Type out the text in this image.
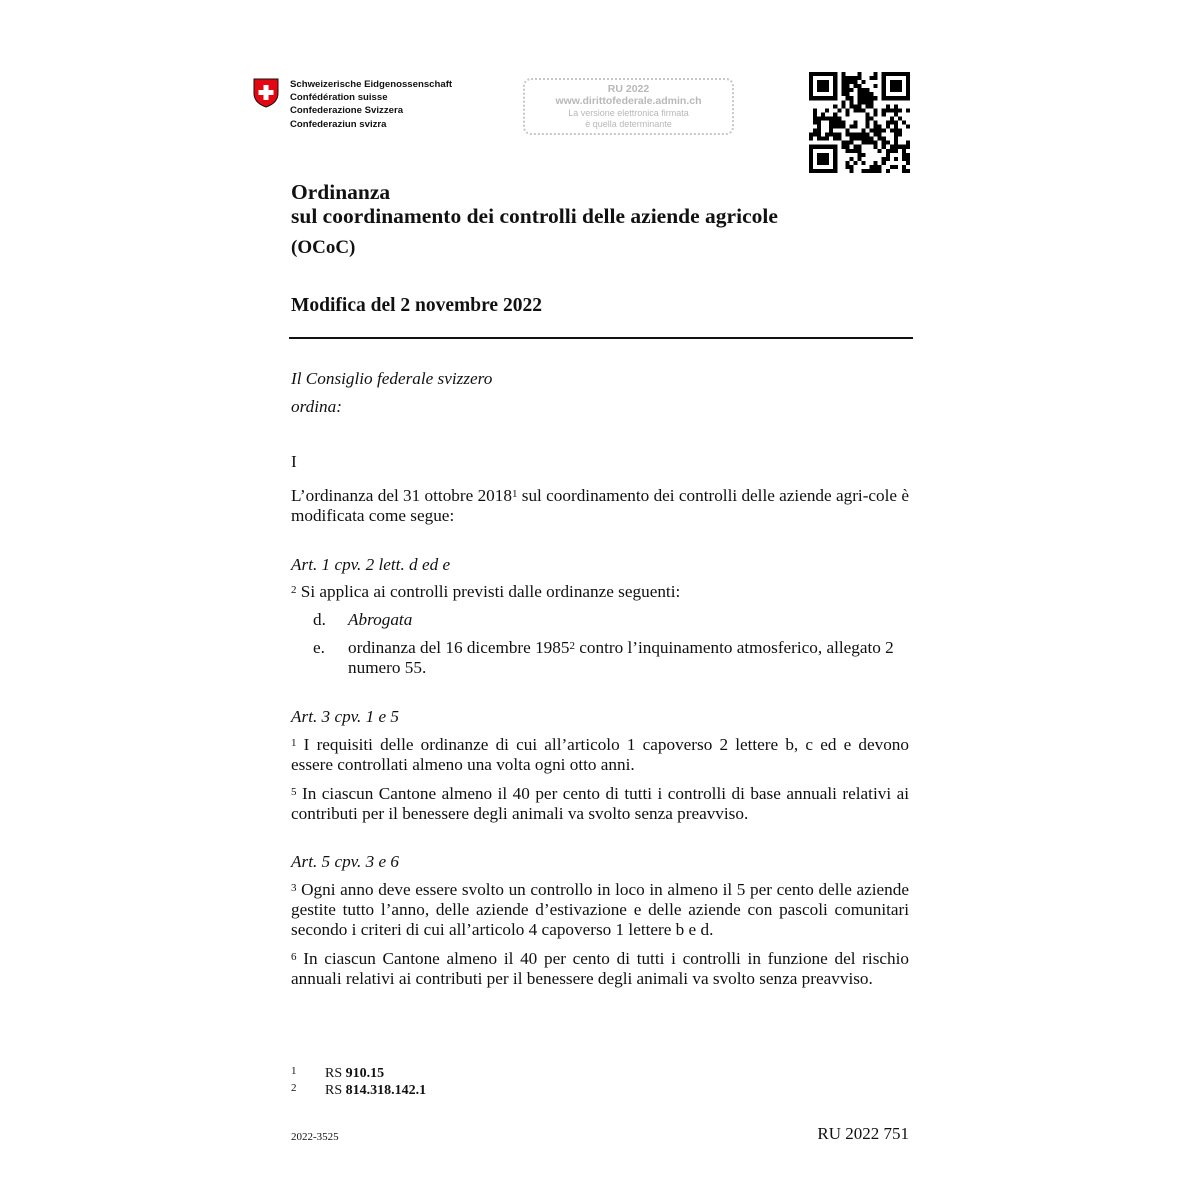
Schweizerische Eidgenossenschaft
Confédération suisse
Confederazione Svizzera
Confederaziun svizra
RU 2022
www.dirittofederale.admin.ch
La versione elettronica firmata
è quella determinante
Ordinanza
sul coordinamento dei controlli delle aziende agricole
(OCoC)
Modifica del 2 novembre 2022
Il Consiglio federale svizzero
ordina:
I
L’ordinanza del 31 ottobre 2018$^1$ sul coordinamento dei controlli delle aziende agri-cole è modificata come segue:
Art. 1 cpv. 2 lett. d ed e
$^2$ Si applica ai controlli previsti dalle ordinanze seguenti:
d. Abrogata
e. ordinanza del 16 dicembre 1985$^2$ contro l’inquinamento atmosferico, allegato 2 numero 55.
Art. 3 cpv. 1 e 5
$^1$ I requisiti delle ordinanze di cui all’articolo 1 capoverso 2 lettere b, c ed e devono essere controllati almeno una volta ogni otto anni.
$^5$ In ciascun Cantone almeno il 40 per cento di tutti i controlli di base annuali relativi ai contributi per il benessere degli animali va svolto senza preavviso.
Art. 5 cpv. 3 e 6
$^3$ Ogni anno deve essere svolto un controllo in loco in almeno il 5 per cento delle aziende gestite tutto l’anno, delle aziende d’estivazione e delle aziende con pascoli comunitari secondo i criteri di cui all’articolo 4 capoverso 1 lettere b e d.
$^6$ In ciascun Cantone almeno il 40 per cento di tutti i controlli in funzione del rischio annuali relativi ai contributi per il benessere degli animali va svolto senza preavviso.
1 RS 910.15
2 RS 814.318.142.1
2022-3525	RU 2022 751
